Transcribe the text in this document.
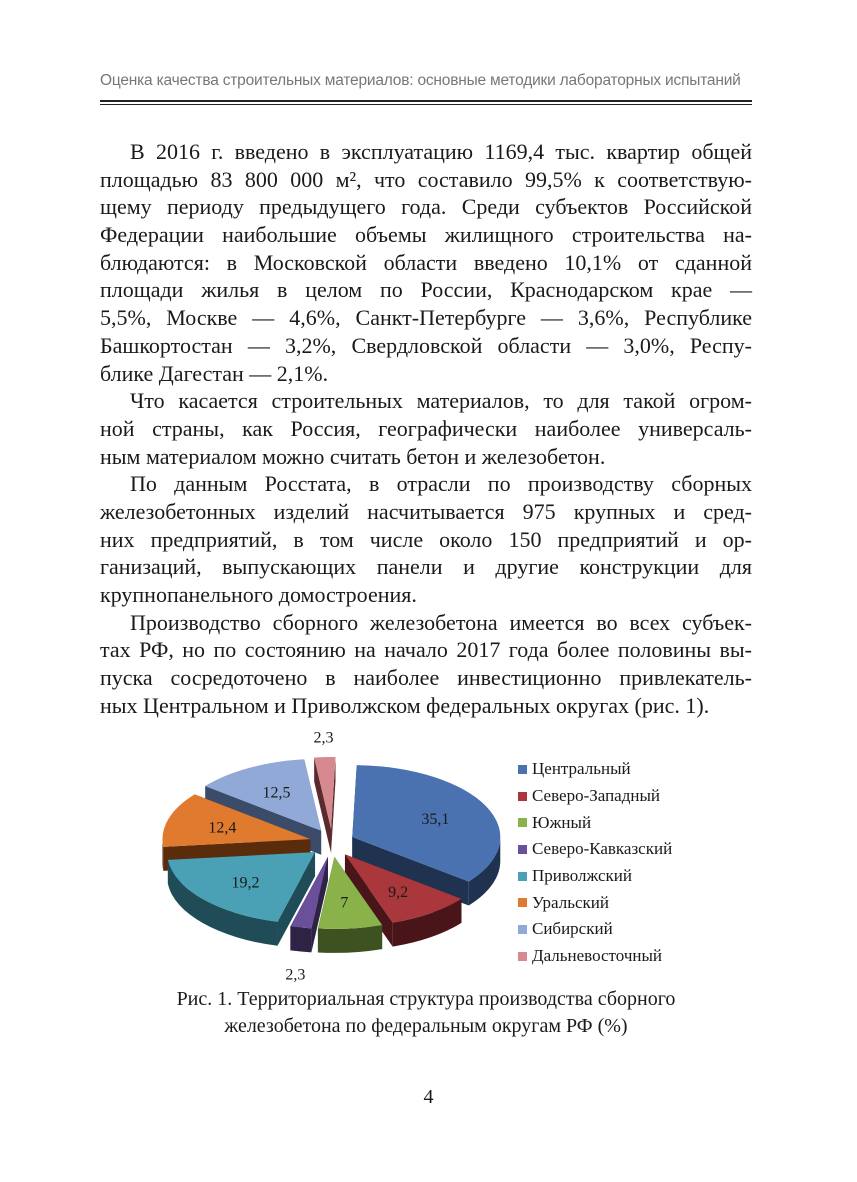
Оценка качества строительных материалов: основные методики лабораторных испытаний
В 2016 г. введено в эксплуатацию 1169,4 тыс. квартир общей
площадью 83 800 000 м², что составило 99,5% к соответствую-
щему периоду предыдущего года. Среди субъектов Российской
Федерации наибольшие объемы жилищного строительства на-
блюдаются: в Московской области введено 10,1% от сданной
площади жилья в целом по России, Краснодарском крае —
5,5%, Москве — 4,6%, Санкт-Петербурге — 3,6%, Республике
Башкортостан — 3,2%, Свердловской области — 3,0%, Респу-
блике Дагестан — 2,1%.
Что касается строительных материалов, то для такой огром-
ной страны, как Россия, географически наиболее универсаль-
ным материалом можно считать бетон и железобетон.
По данным Росстата, в отрасли по производству сборных
железобетонных изделий насчитывается 975 крупных и сред-
них предприятий, в том числе около 150 предприятий и ор-
ганизаций, выпускающих панели и другие конструкции для
крупнопанельного домостроения.
Производство сборного железобетона имеется во всех субъек-
тах РФ, но по состоянию на начало 2017 года более половины вы-
пуска сосредоточено в наиболее инвестиционно привлекатель-
ных Центральном и Приволжском федеральных округах (рис. 1).
35,1
9,2
7
2,3
19,2
12,4
12,5
2,3
Центральный
Северо-Западный
Южный
Северо-Кавказский
Приволжский
Уральский
Сибирский
Дальневосточный
Рис. 1. Территориальная структура производства сборного
железобетона по федеральным округам РФ (%)
4
